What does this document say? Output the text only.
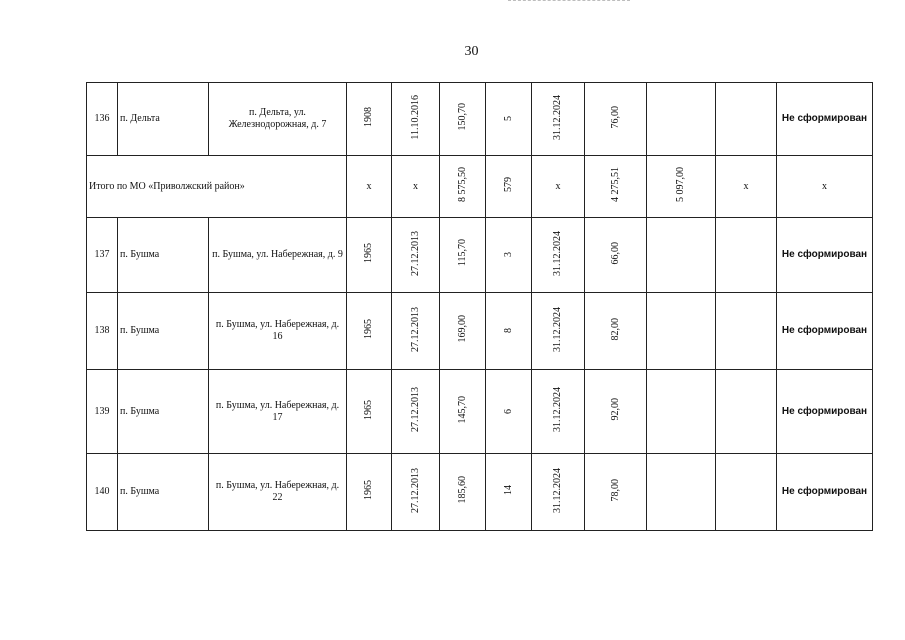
30
136	п. Дельта	п. Дельта, ул. Железнодорожная, д. 7	1908	11.10.2016	150,70	5	31.12.2024	76,00			Не сформирован
Итого по МО «Приволжский район»			х	х	8 575,50	579	х	4 275,51	5 097,00	х	х
137	п. Бушма	п. Бушма, ул. Набережная, д. 9	1965	27.12.2013	115,70	3	31.12.2024	66,00			Не сформирован
138	п. Бушма	п. Бушма, ул. Набережная, д. 16	1965	27.12.2013	169,00	8	31.12.2024	82,00			Не сформирован
139	п. Бушма	п. Бушма, ул. Набережная, д. 17	1965	27.12.2013	145,70	6	31.12.2024	92,00			Не сформирован
140	п. Бушма	п. Бушма, ул. Набережная, д. 22	1965	27.12.2013	185,60	14	31.12.2024	78,00			Не сформирован
